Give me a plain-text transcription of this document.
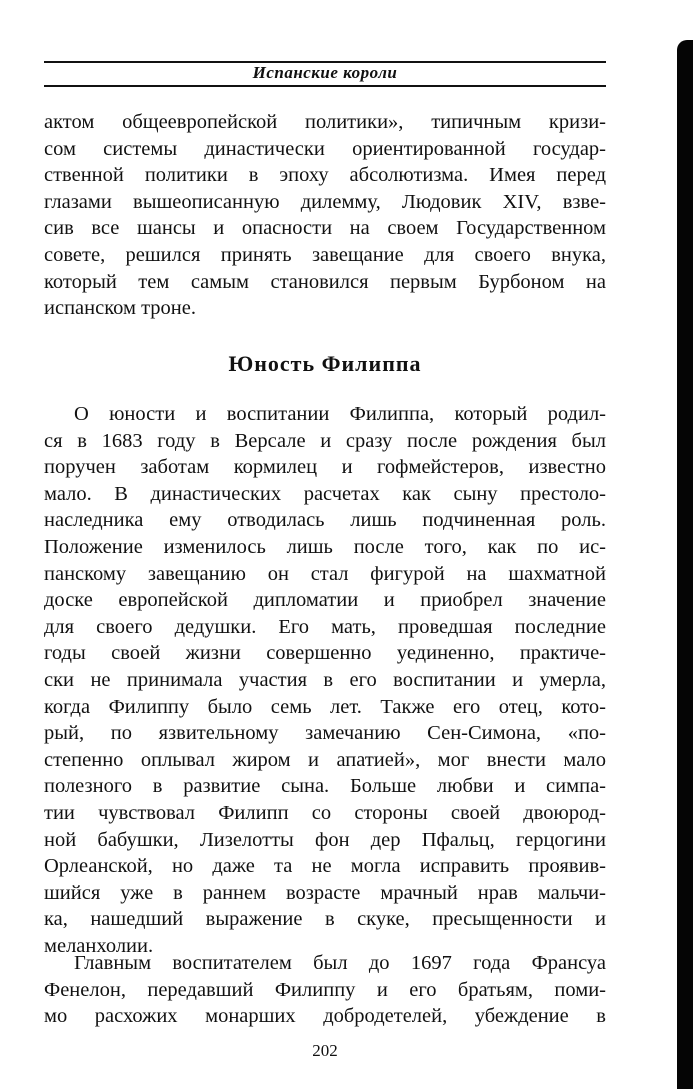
Испанские короли
актом общеевропейской политики», типичным кризи-
сом системы династически ориентированной государ-
ственной политики в эпоху абсолютизма. Имея перед
глазами вышеописанную дилемму, Людовик XIV, взве-
сив все шансы и опасности на своем Государственном
совете, решился принять завещание для своего внука,
который тем самым становился первым Бурбоном на
испанском троне.
Юность Филиппа
О юности и воспитании Филиппа, который родил-
ся в 1683 году в Версале и сразу после рождения был
поручен заботам кормилец и гофмейстеров, известно
мало. В династических расчетах как сыну престоло-
наследника ему отводилась лишь подчиненная роль.
Положение изменилось лишь после того, как по ис-
панскому завещанию он стал фигурой на шахматной
доске европейской дипломатии и приобрел значение
для своего дедушки. Его мать, проведшая последние
годы своей жизни совершенно уединенно, практиче-
ски не принимала участия в его воспитании и умерла,
когда Филиппу было семь лет. Также его отец, кото-
рый, по язвительному замечанию Сен-Симона, «по-
степенно оплывал жиром и апатией», мог внести мало
полезного в развитие сына. Больше любви и симпа-
тии чувствовал Филипп со стороны своей двоюрод-
ной бабушки, Лизелотты фон дер Пфальц, герцогини
Орлеанской, но даже та не могла исправить проявив-
шийся уже в раннем возрасте мрачный нрав мальчи-
ка, нашедший выражение в скуке, пресыщенности и
меланхолии.
Главным воспитателем был до 1697 года Франсуа
Фенелон, передавший Филиппу и его братьям, поми-
мо расхожих монарших добродетелей, убеждение в
202
